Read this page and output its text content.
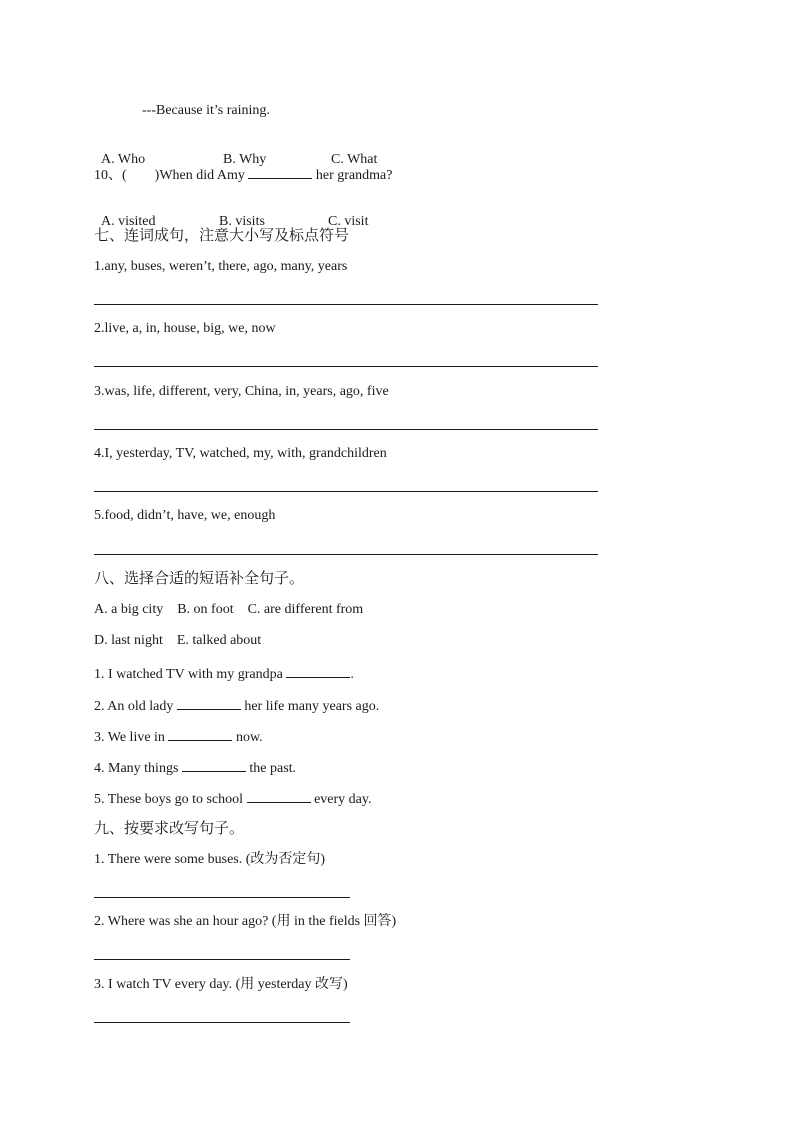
---Because it’s raining.

A. Who	B. Why	C. What

10、(        )When did Amy	her grandma?

A. visited	B. visits	C. visit

七、连词成句，注意大小写及标点符号
1.any, buses, weren’t, there, ago, many, years
2.live, a, in, house, big, we, now
3.was, life, different, very, China, in, years, ago, five
4.I, yesterday, TV, watched, my, with, grandchildren
5.food, didn’t, have, we, enough
八、选择合适的短语补全句子。
A. a big city    B. on foot    C. are different from
D. last night    E. talked about
1. I watched TV with my grandpa	.
2. An old lady	her life many years ago.
3. We live in	now.
4. Many things	the past.
5. These boys go to school	every day.
九、按要求改写句子。
1. There were some buses. (改为否定句)
2. Where was she an hour ago? (用 in the fields 回答)
3. I watch TV every day. (用 yesterday 改写)
